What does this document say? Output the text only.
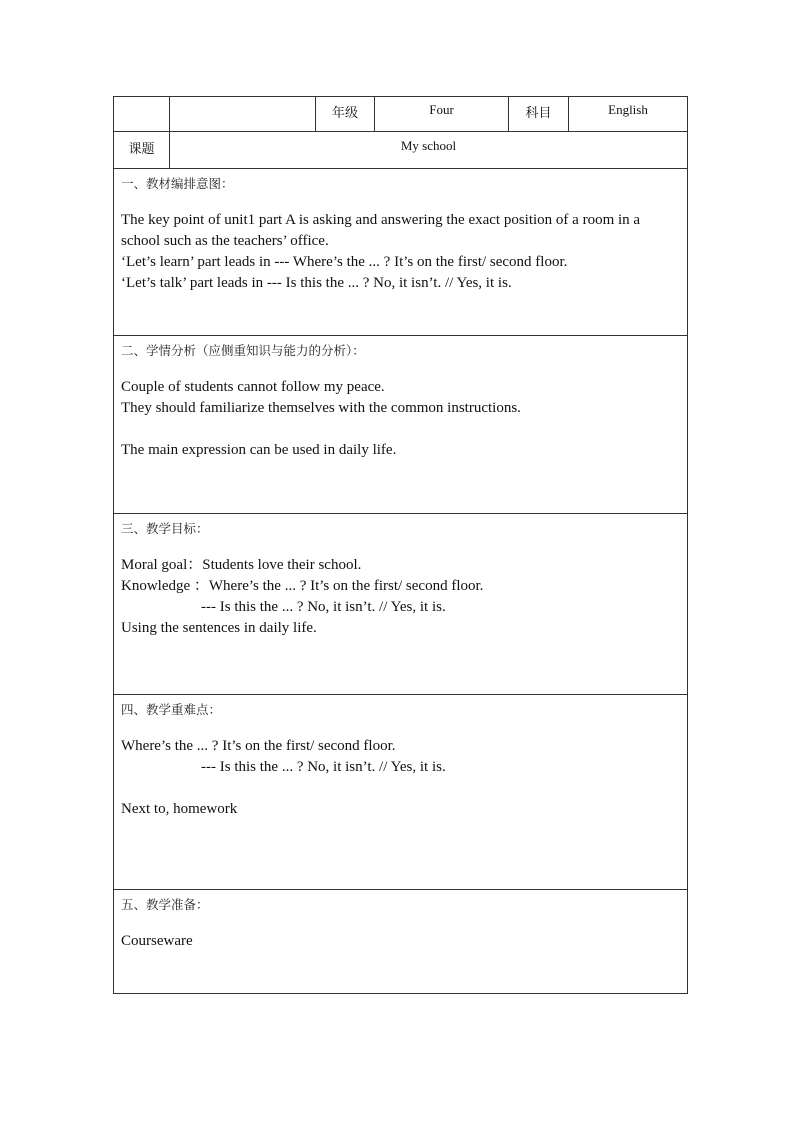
		年级	Four	科目	English
课题	My school				

一、教材编排意图：
The key point of unit1 part A is asking and answering the exact position of a room in a school such as the teachers’ office.
‘Let’s learn’ part leads in --- Where’s the ... ? It’s on the first/ second floor.
‘Let’s talk’ part leads in --- Is this the ... ? No, it isn’t. // Yes, it is.					

二、学情分析（应侧重知识与能力的分析）：
Couple of students cannot follow my peace.
They should familiarize themselves with the common instructions.
The main expression can be used in daily life.					

三、教学目标：
Moral goal：Students love their school.
Knowledge ：Where’s the ... ? It’s on the first/ second floor.
--- Is this the ... ? No, it isn’t. // Yes, it is.
Using the sentences in daily life.					

四、教学重难点：
Where’s the ... ? It’s on the first/ second floor.
--- Is this the ... ? No, it isn’t. // Yes, it is.
Next to, homework					

五、教学准备：
Courseware					
